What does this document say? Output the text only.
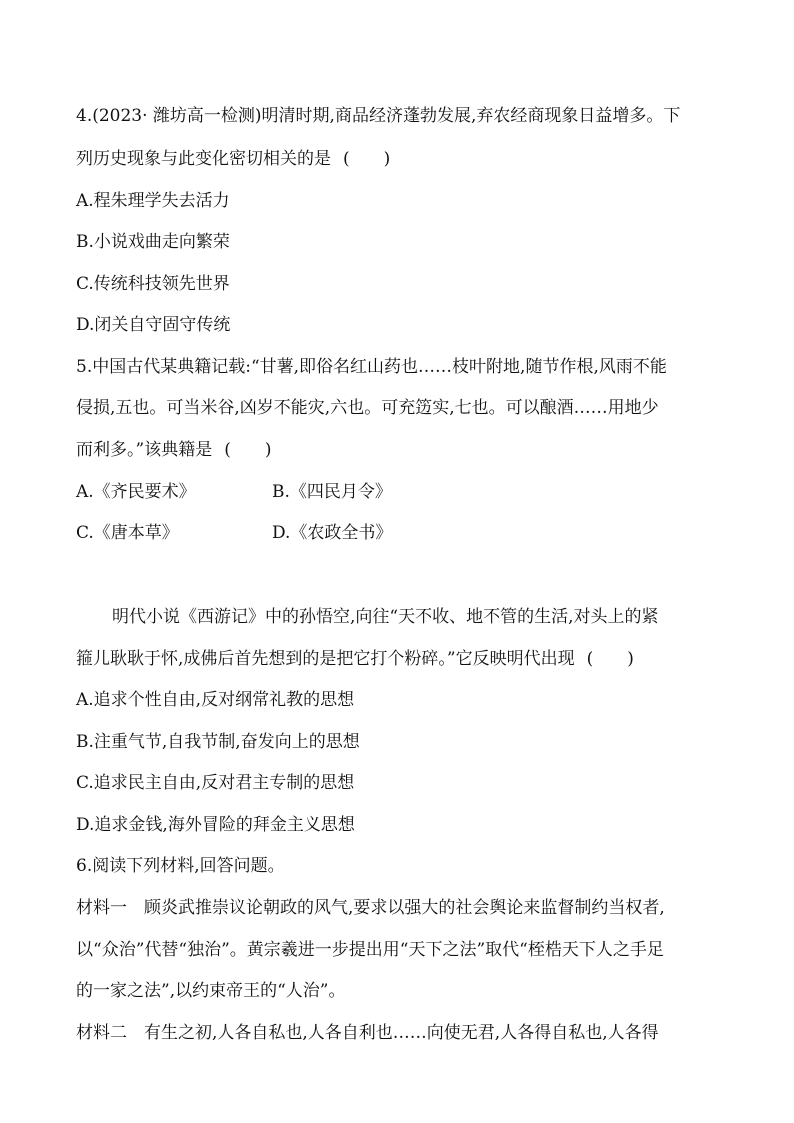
4.(2023· 潍坊高一检测)明清时期,商品经济蓬勃发展,弃农经商现象日益增多。下
列历史现象与此变化密切相关的是 (　　)
A.程朱理学失去活力
B.小说戏曲走向繁荣
C.传统科技领先世界
D.闭关自守固守传统
5.中国古代某典籍记载:“甘薯,即俗名红山药也……枝叶附地,随节作根,风雨不能
侵损,五也。可当米谷,凶岁不能灾,六也。可充笾实,七也。可以酿酒……用地少
而利多。”该典籍是 (　　)
A.《齐民要术》	B.《四民月令》
C.《唐本草》	D.《农政全书》
明代小说《西游记》中的孙悟空,向往“天不收、地不管的生活,对头上的紧
箍儿耿耿于怀,成佛后首先想到的是把它打个粉碎。”它反映明代出现 (　　)
A.追求个性自由,反对纲常礼教的思想
B.注重气节,自我节制,奋发向上的思想
C.追求民主自由,反对君主专制的思想
D.追求金钱,海外冒险的拜金主义思想
6.阅读下列材料,回答问题。
材料一　顾炎武推崇议论朝政的风气,要求以强大的社会舆论来监督制约当权者,
以“众治”代替“独治”。黄宗羲进一步提出用“天下之法”取代“桎梏天下人之手足
的一家之法”,以约束帝王的“人治”。
材料二　有生之初,人各自私也,人各自利也……向使无君,人各得自私也,人各得
